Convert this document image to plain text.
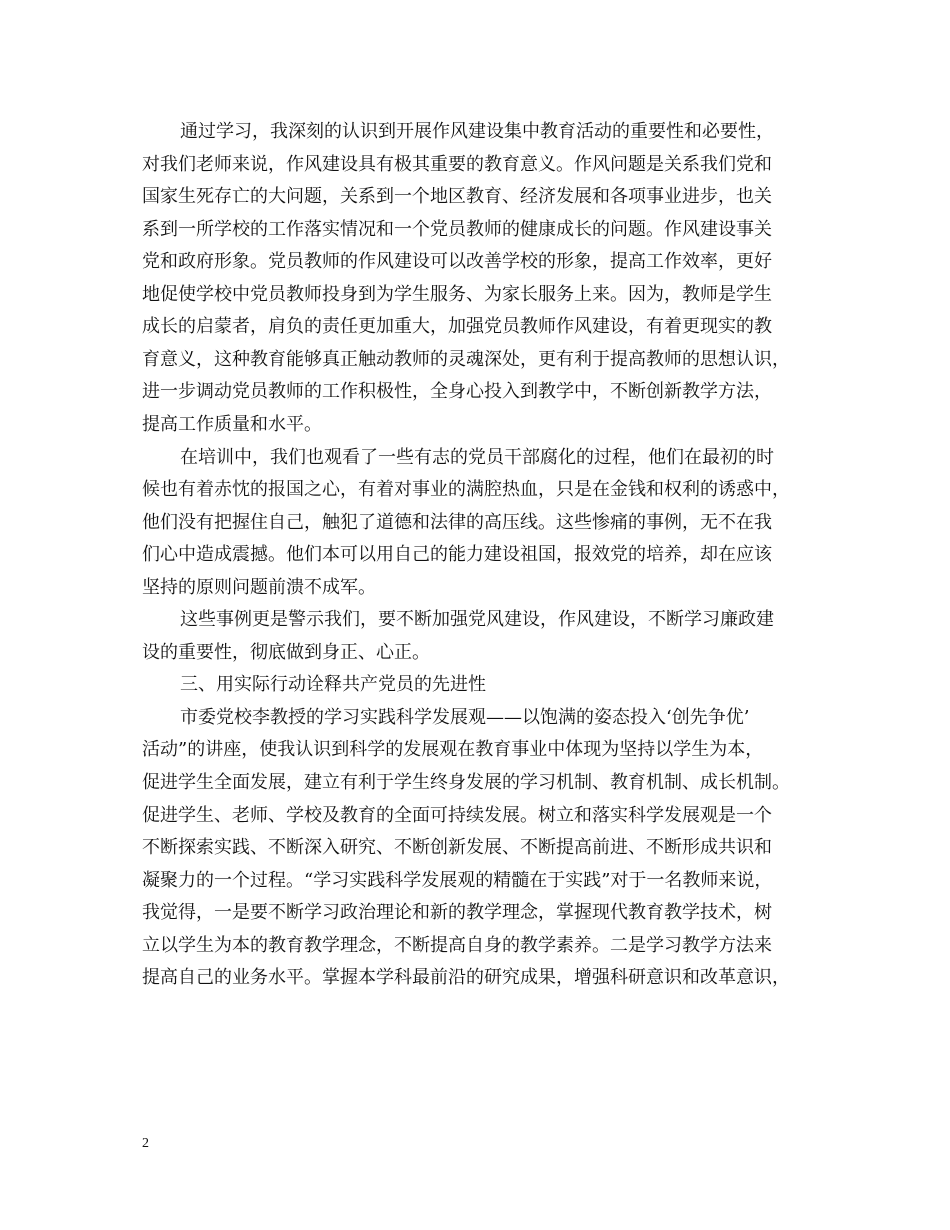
通过学习，我深刻的认识到开展作风建设集中教育活动的重要性和必要性，
对我们老师来说，作风建设具有极其重要的教育意义。作风问题是关系我们党和
国家生死存亡的大问题，关系到一个地区教育、经济发展和各项事业进步，也关
系到一所学校的工作落实情况和一个党员教师的健康成长的问题。作风建设事关
党和政府形象。党员教师的作风建设可以改善学校的形象，提高工作效率，更好
地促使学校中党员教师投身到为学生服务、为家长服务上来。因为，教师是学生
成长的启蒙者，肩负的责任更加重大，加强党员教师作风建设，有着更现实的教
育意义，这种教育能够真正触动教师的灵魂深处，更有利于提高教师的思想认识，
进一步调动党员教师的工作积极性，全身心投入到教学中，不断创新教学方法，
提高工作质量和水平。
在培训中，我们也观看了一些有志的党员干部腐化的过程，他们在最初的时
候也有着赤忱的报国之心，有着对事业的满腔热血，只是在金钱和权利的诱惑中，
他们没有把握住自己，触犯了道德和法律的高压线。这些惨痛的事例，无不在我
们心中造成震撼。他们本可以用自己的能力建设祖国，报效党的培养，却在应该
坚持的原则问题前溃不成军。
这些事例更是警示我们，要不断加强党风建设，作风建设，不断学习廉政建
设的重要性，彻底做到身正、心正。
三、用实际行动诠释共产党员的先进性
市委党校李教授的学习实践科学发展观——以饱满的姿态投入‘创先争优’
活动”的讲座，使我认识到科学的发展观在教育事业中体现为坚持以学生为本，
促进学生全面发展，建立有利于学生终身发展的学习机制、教育机制、成长机制。
促进学生、老师、学校及教育的全面可持续发展。树立和落实科学发展观是一个
不断探索实践、不断深入研究、不断创新发展、不断提高前进、不断形成共识和
凝聚力的一个过程。“学习实践科学发展观的精髓在于实践”对于一名教师来说，
我觉得，一是要不断学习政治理论和新的教学理念，掌握现代教育教学技术，树
立以学生为本的教育教学理念，不断提高自身的教学素养。二是学习教学方法来
提高自己的业务水平。掌握本学科最前沿的研究成果，增强科研意识和改革意识，
2
